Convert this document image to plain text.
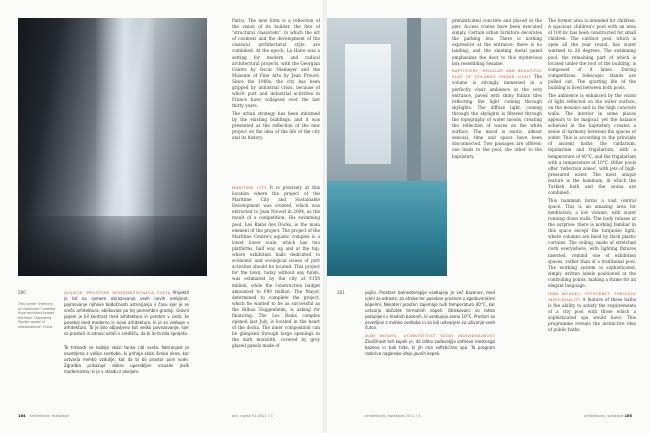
Paris). The new form is a reflection of the vision of its builder, the fate of "structural classicism", in which the art of coolness and the development of the classical architectural style are combined. At the epoch, La Haire was a setting for modern and radical architectural projects, with the Georgian Centre by Oscar Niemeyer and the Museum of Fine Arts by Jean Prouvé. Since the 1960s, the city has been gripped by industrial crisis, because of which port and industrial activities in France have collapsed over the last thirty years.

The urban strategy has been informed by the existing buildings, and it was presented as the reflection of the new project on the idea of the life of the city and its history.

MARITIME CITY It is precisely at this location where the project of the Maritime City and Sustainable Development was created, which was entrusted to Jean Nouvel in 2004, as the result of a competition. His swimming pool, Les Bains des Docks, is the main element of the project. The project of the Maritime Centre's aquatic complex is a lower lower scale, which has two platforms, half way up and at the top, where exhibition halls dedicated to economic and ecological issues of port activities should be located. This project for the town, today without any funds, was estimated by the city at €150 million, while the construction budget amounted to €90 million. The Mayor, determined to complete the project, which he wanted to be as successful as the Bilbao Guggenheim, is asking for financing. The Les Bains complex opened last July, is located in the heart of the docks. The inner composition can be glimpsed through large openings in the dark monolith, covered by grey glazed panels made of

280
This scene "interiors of classicism" created from architect Joseph Kerhard, l'Agoranta Parisie speed of restaurations" Fotos

ZVIJAČJE, PROSTORE MODERNISTIČNEGA SVETA Projektil je bil na samem obrazovanje vseh novih ambijent, pojmovanje njihove bodočnosti ustvarjanja v času kjer je se sreča arhitektura, oblikovala po tej pomembni gradnji. Glavni pojem je bil kontrast med arhitekturo in prostori v cesti, še posebej med moderno in novo arhitekturo, ki je se vsebuje v arhitekturo. To je bilo objavljeno kot veliko povezovanje, kjer so prostori in odnosi ostali v središču, da bi le-ta bila sprejeta.

Te trdnosti se kažejo skozi tanke niti sveta. Notranjost je osvetljena z veliko svetlobe, ki prihaja skozi široka okna, kar ustvarja mehko vzdušje, kot da bi bil prostor poln vode. Zgradba prikazuje dobro uporabljen vizualni jezik modernizma, ki je v skladu z okoljem.

prefabricated concrete and placed at the pier. Access routes have been executed simply. Certain urban furniture decorates the parking lots. There is nothing expressive at the entrance; there is no landing, and the slanting metal panel emphasizes the door to this mysterious box resembling Sesame.

BAPTISTERY, REGULAR AND BEAUTIFUL PLAY OF VOLUMES UNDER LIGHT The volume is strongly immersed in a perfectly clear ambience at the very entrance, paved with shiny Italian tiles reflecting the light coming through skylights. The diffuse light, coming through the skylights is filtered through the topography of water moods, creating the reflection of waves on the white surface. The mood is exotic, almost sensual, time and space have been disconnected. Two passages are offered; one leads to the pool, the other to the baptistery.

The former area is intended for children. A spacious children's pool with an area of 100 m² has been constructed for small children. The outdoor pool, which is open all the year round, has water warmed to 28 degrees. The swimming pool, the remaining part of which is located under the roof of the building, is composed of 8 lanes. During competitions, telescopic stands are pulled out. The sporting life of the building is lived between both pools.

The ambience is enhanced by the vision of light reflected on the water surface, on the mosaics and in the high concrete walls. The interior in some places appears to be magical, yet the balance achieved in the baptistery creates a sense of harmony between the spaces of water. This is according to the principle of ancient baths: the caldarium, tepidarium and frigidarium, with a temperature of 40°C, and the frigidarium with a temperature of 10°C. Other pools offer 'reflection zones', with jets of high-pressured water. The most unique feature is the hammam, in which the Turkish bath and the sauna are combined.

This hammam forms a vast central space. This is an amazing area for meditation, a low volume, with water running down walls. The body relaxes at the surprise: there is nothing familiar in this space except the turquoise light, where columns are lined by thick plastic curtains. The ceiling, made of stretched cloth everywhere, with lighting fixtures inserted, remind one of exhibition spaces, rather than of a traditional pool. The working system is sophisticated, simply written labels positioned at the controlling points, making a frame for an elegant language.

JEAN NOUVEL, EFFICIENCY THROUGH INDIVIDUALITY A feature of these baths is the ability to satisfy the requirements of a city pool with those which a sophisticated spa would have. This programme reveals the instinctive idea of public baths.

281	pojilo. Prostore balneoterapije vsebujejo je več bazenov, med njimi za odrasle, za otroke ter posebne prostore z zgodovinskimi kopelmi. Nekateri prostori zajemajo tudi temperaturo 40°C, kar ustvarja občutek termalnih kopeli. Obiskovalci so lahko potopljeni v hladnih bazenih, ki vsebujejo samo 10°C. Prostori so osvetljeni z mehko svetlobo in so bili ustvarjeni za uživanje vseh čutov.

JEAN NOUVEL, UČINKOVITOST SKOZI INDIVIDUALNOST Značilnost teh kopeli je, da lahko zadovoljijo zahteve mestnega bazena in tudi tiste, ki jih ima sofisticiran spa. Ta program razkriva nagonsko idejo javnih kopeli.

164 arhitektura, raziskave	arh. razisk 51-2011 / 3	arhitektura, raziskave 2011 / 3	arhitektura, raziskave 165
